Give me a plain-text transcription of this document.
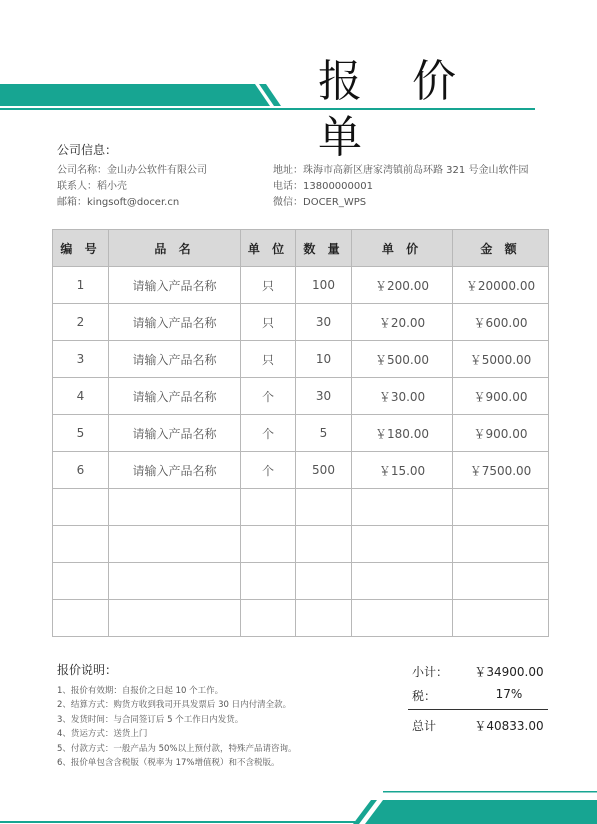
报 价 单
公司信息：
公司名称：金山办公软件有限公司
联系人：稻小壳
邮箱：kingsoft@docer.cn
地址：珠海市高新区唐家湾镇前岛环路 321 号金山软件园
电话：13800000001
微信：DOCER_WPS
编 号	品 名	单 位	数 量	单 价	金 额
1	请输入产品名称	只	100	￥200.00	￥20000.00
2	请输入产品名称	只	30	￥20.00	￥600.00
3	请输入产品名称	只	10	￥500.00	￥5000.00
4	请输入产品名称	个	30	￥30.00	￥900.00
5	请输入产品名称	个	5	￥180.00	￥900.00
6	请输入产品名称	个	500	￥15.00	￥7500.00

报价说明：
1、报价有效期：自报价之日起 10 个工作。
2、结算方式：购货方收到我司开具发票后 30 日内付清全款。
3、发货时间：与合同签订后 5 个工作日内发货。
4、货运方式：送货上门
5、付款方式：一般产品为 50%以上预付款，特殊产品请咨询。
6、报价单包含含税版（税率为 17%增值税）和不含税版。
小计： ￥34900.00
税：	17%
总计	￥40833.00
